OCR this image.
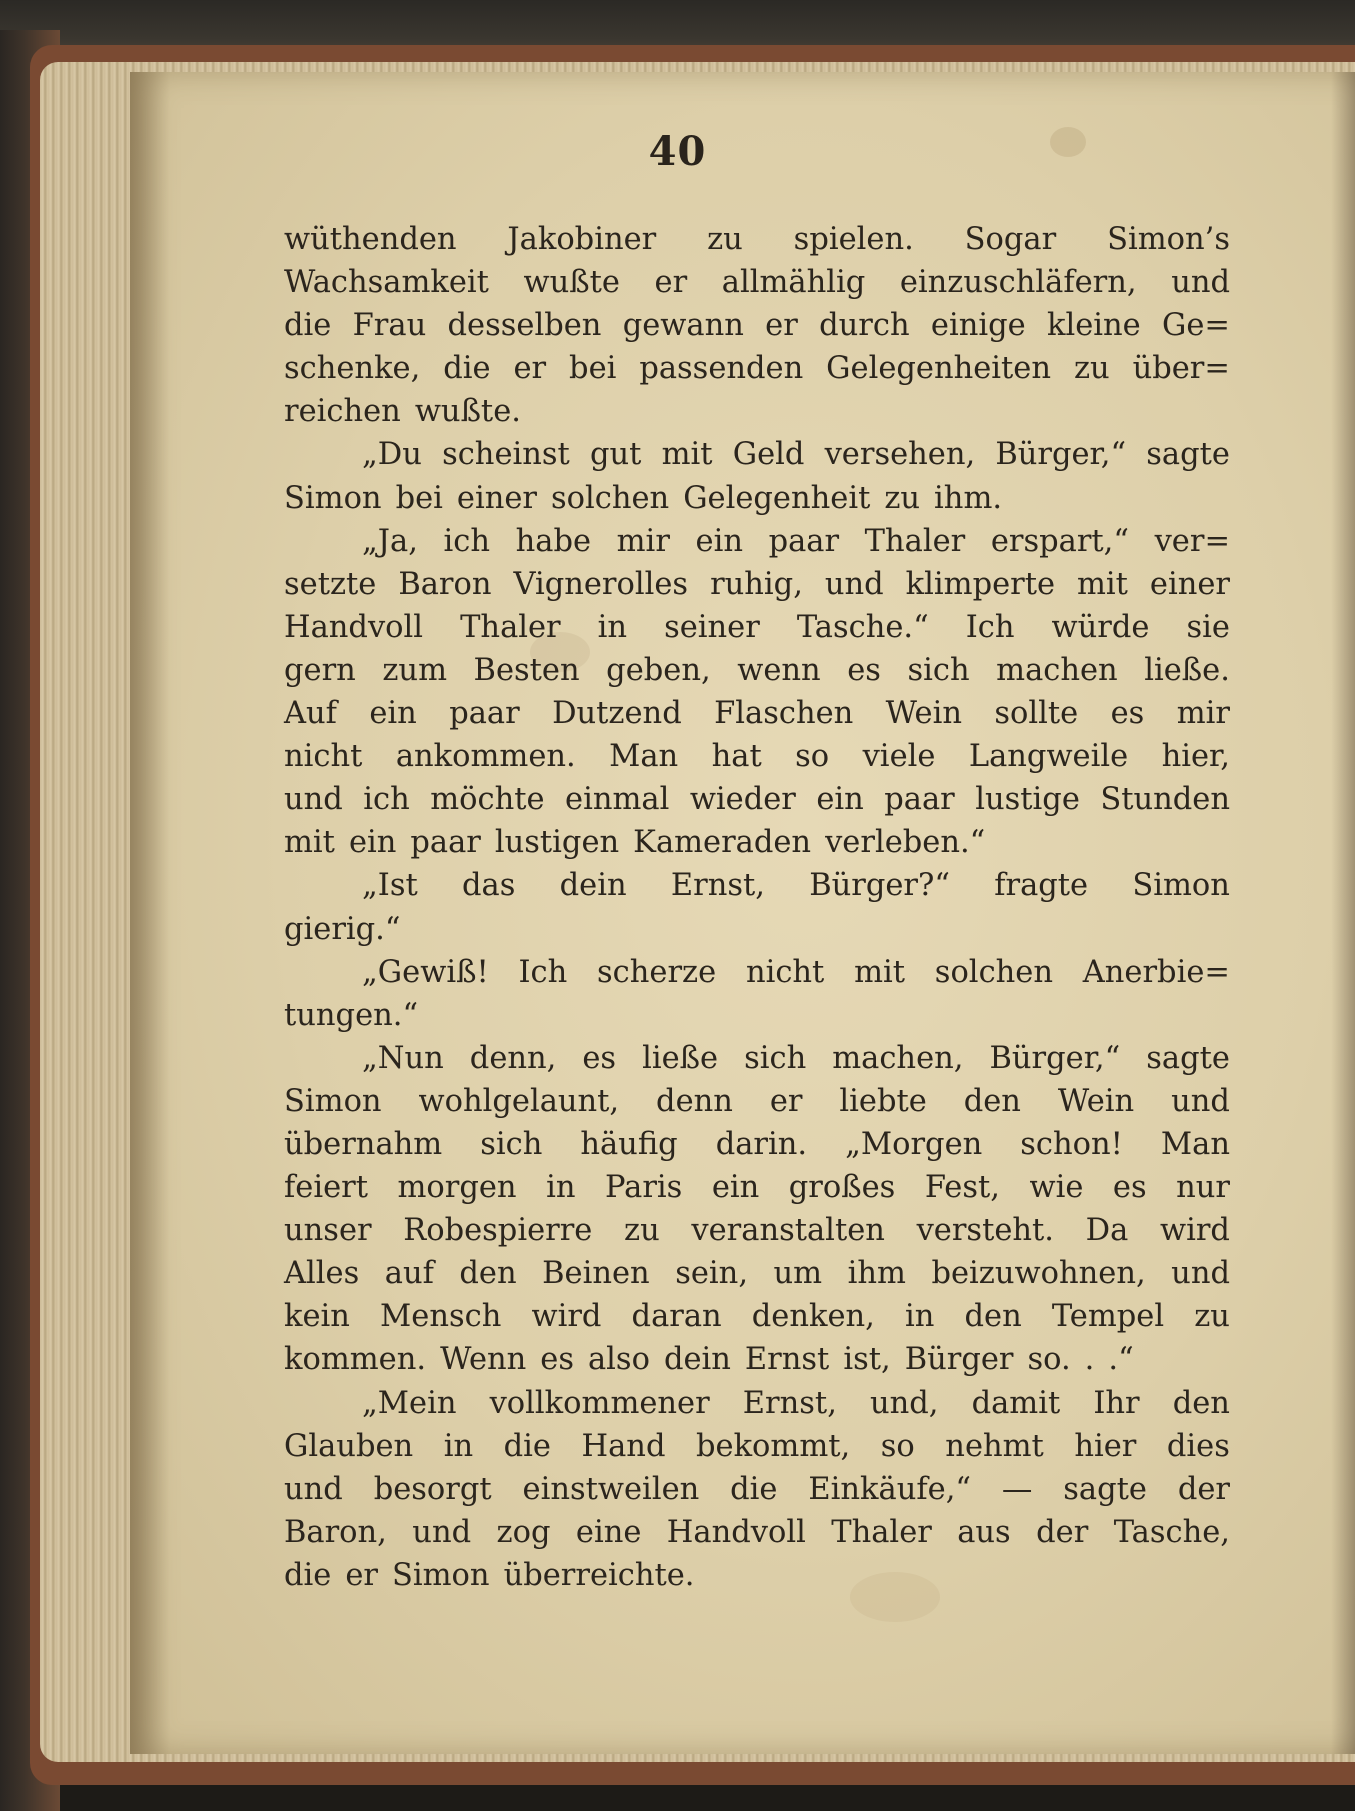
40
wüthenden Jakobiner zu spielen. Sogar Simon’s
Wachsamkeit wußte er allmählig einzuschläfern, und
die Frau desselben gewann er durch einige kleine Ge=
schenke, die er bei passenden Gelegenheiten zu über=
reichen wußte.
„Du scheinst gut mit Geld versehen, Bürger,“ sagte
Simon bei einer solchen Gelegenheit zu ihm.
„Ja, ich habe mir ein paar Thaler erspart,“ ver=
setzte Baron Vignerolles ruhig, und klimperte mit einer
Handvoll Thaler in seiner Tasche.“ Ich würde sie
gern zum Besten geben, wenn es sich machen ließe.
Auf ein paar Dutzend Flaschen Wein sollte es mir
nicht ankommen. Man hat so viele Langweile hier,
und ich möchte einmal wieder ein paar lustige Stunden
mit ein paar lustigen Kameraden verleben.“
„Ist das dein Ernst, Bürger?“ fragte Simon
gierig.“
„Gewiß! Ich scherze nicht mit solchen Anerbie=
tungen.“
„Nun denn, es ließe sich machen, Bürger,“ sagte
Simon wohlgelaunt, denn er liebte den Wein und
übernahm sich häufig darin. „Morgen schon! Man
feiert morgen in Paris ein großes Fest, wie es nur
unser Robespierre zu veranstalten versteht. Da wird
Alles auf den Beinen sein, um ihm beizuwohnen, und
kein Mensch wird daran denken, in den Tempel zu
kommen. Wenn es also dein Ernst ist, Bürger so. . .“
„Mein vollkommener Ernst, und, damit Ihr den
Glauben in die Hand bekommt, so nehmt hier dies
und besorgt einstweilen die Einkäufe,“ — sagte der
Baron, und zog eine Handvoll Thaler aus der Tasche,
die er Simon überreichte.
